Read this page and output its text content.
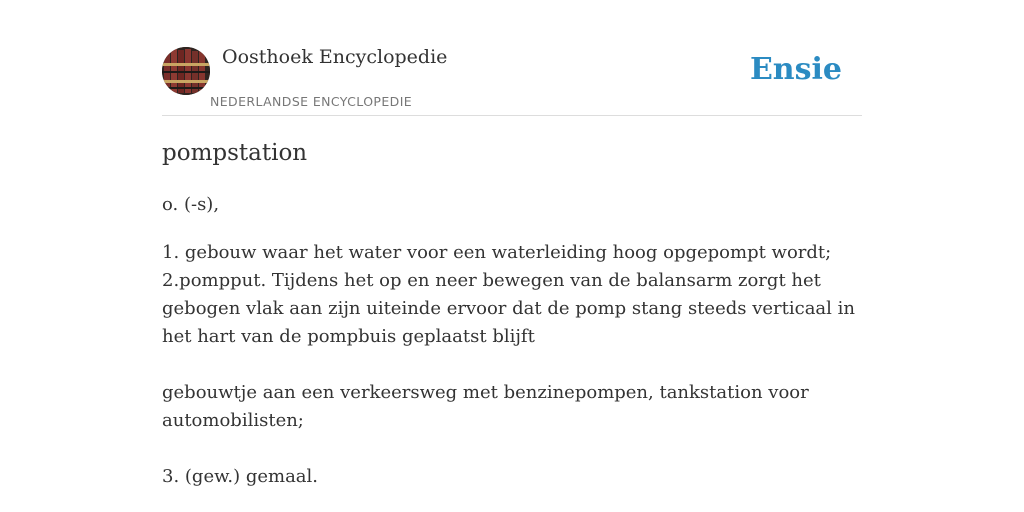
Oosthoek Encyclopedie
NEDERLANDSE ENCYCLOPEDIE
Ensie
pompstation
o. (-s),

1. gebouw waar het water voor een waterleiding hoog opgepompt wordt;

2.pompput. Tijdens het op en neer bewegen van de balansarm zorgt het gebogen vlak aan zijn uiteinde ervoor dat de pomp stang steeds verticaal in het hart van de pompbuis geplaatst blijft

gebouwtje aan een verkeersweg met benzinepompen, tankstation voor automobilisten;

3. (gew.) gemaal.
